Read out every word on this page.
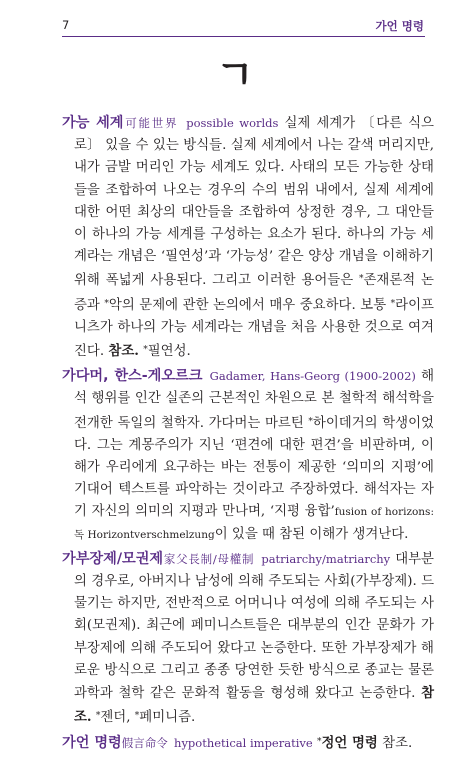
7	가언 명령
ㄱ

가능 세계可能世界 possible worlds 실제 세계가 〔다른 식으로〕 있을 수 있는 방식들. 실제 세계에서 나는 갈색 머리지만, 내가 금발 머리인 가능 세계도 있다. 사태의 모든 가능한 상태들을 조합하여 나오는 경우의 수의 범위 내에서, 실제 세계에 대한 어떤 최상의 대안들을 조합하여 상정한 경우, 그 대안들이 하나의 가능 세계를 구성하는 요소가 된다. 하나의 가능 세계라는 개념은 ‘필연성’과 ‘가능성’ 같은 양상 개념을 이해하기 위해 폭넓게 사용된다. 그리고 이러한 용어들은 *존재론적 논증과 *악의 문제에 관한 논의에서 매우 중요하다. 보통 *라이프니츠가 하나의 가능 세계라는 개념을 처음 사용한 것으로 여겨진다. 참조. *필연성.

가다머, 한스-게오르크 Gadamer, Hans-Georg (1900-2002) 해석 행위를 인간 실존의 근본적인 차원으로 본 철학적 해석학을 전개한 독일의 철학자. 가다머는 마르틴 *하이데거의 학생이었다. 그는 계몽주의가 지닌 ‘편견에 대한 편견’을 비판하며, 이해가 우리에게 요구하는 바는 전통이 제공한 ‘의미의 지평’에 기대어 텍스트를 파악하는 것이라고 주장하였다. 해석자는 자기 자신의 의미의 지평과 만나며, ‘지평 융합’fusion of horizons: 독 Horizontverschmelzung이 있을 때 참된 이해가 생겨난다.

가부장제/모권제家父長制/母權制 patriarchy/matriarchy 대부분의 경우로, 아버지나 남성에 의해 주도되는 사회(가부장제). 드물기는 하지만, 전반적으로 어머니나 여성에 의해 주도되는 사회(모권제). 최근에 페미니스트들은 대부분의 인간 문화가 가부장제에 의해 주도되어 왔다고 논증한다. 또한 가부장제가 해로운 방식으로 그리고 종종 당연한 듯한 방식으로 종교는 물론 과학과 철학 같은 문화적 활동을 형성해 왔다고 논증한다. 참조. *젠더, *페미니즘.

가언 명령假言命令 hypothetical imperative *정언 명령 참조.
